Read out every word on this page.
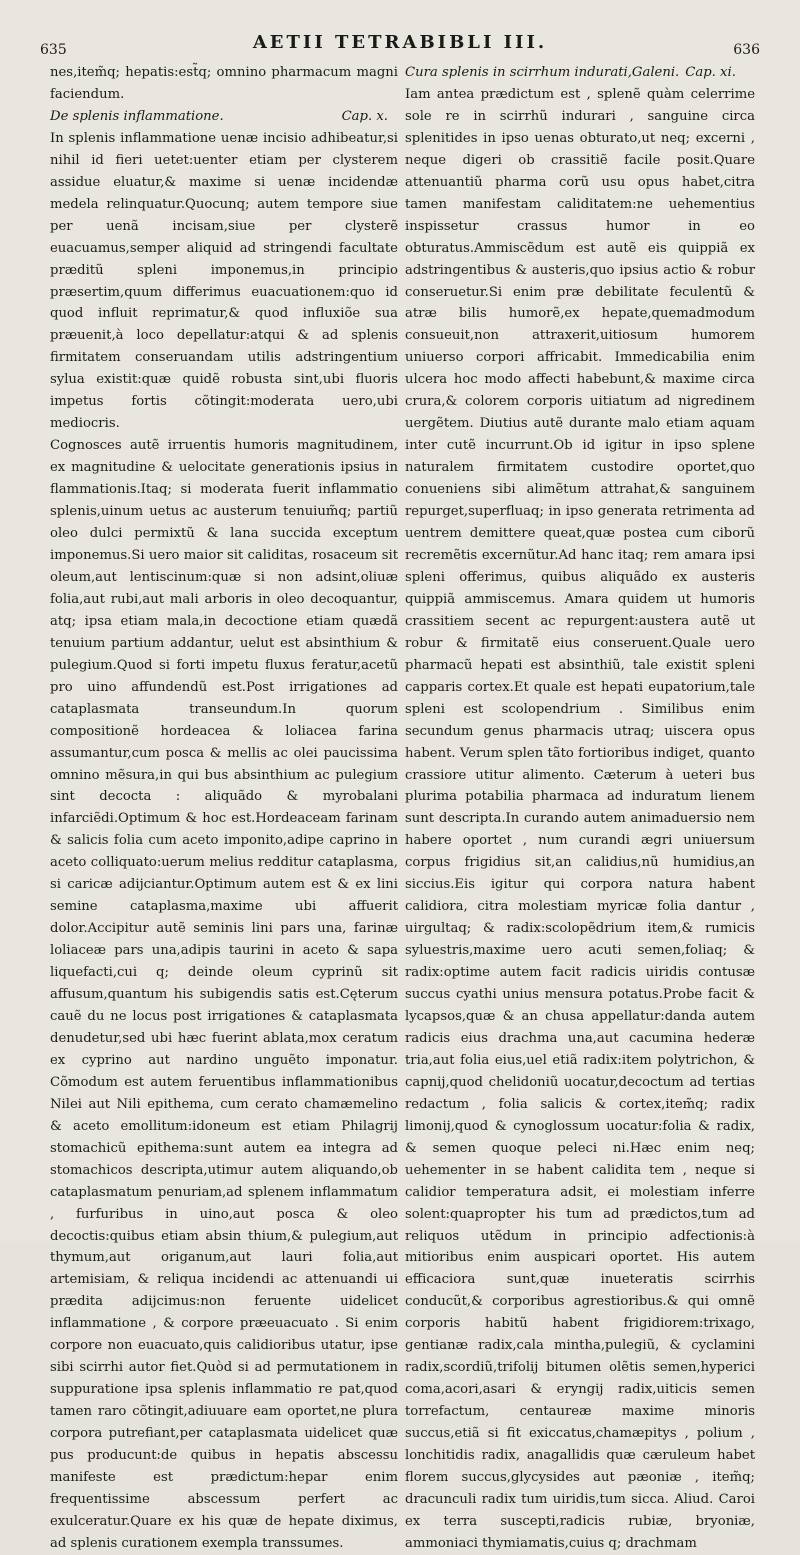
635	AETII TETRABIBLI III.	636

nes,item̃q; hepatis:est̃q; omnino pharmacum magni faciendum.

De splenis inflammatione.	Cap. x.

In splenis inflammatione uenæ incisio adhibeatur,si nihil id fieri uetet:uenter etiam per clysterem assidue eluatur,& maxime si uenæ incidendæ medela relinquatur.Quocunq; autem tempore siue per uenã incisam,siue per clysterẽ euacuamus,semper aliquid ad stringendi facultate præditũ spleni imponemus,in principio præsertim,quum differimus euacuationem:quo id quod influit reprimatur,& quod influxiõe sua præuenit,à loco depellatur:atqui & ad splenis firmitatem conseruandam utilis adstringentium sylua existit:quæ quidẽ robusta sint,ubi fluoris impetus fortis cõtingit:moderata uero,ubi mediocris.

Cognosces autẽ irruentis humoris magnitudinem, ex magnitudine & uelocitate generationis ipsius in flammationis.Itaq; si moderata fuerit inflammatio splenis,uinum uetus ac austerum tenuium̃q; partiũ oleo dulci permixtũ & lana succida exceptum imponemus.Si uero maior sit caliditas, rosaceum sit oleum,aut lentiscinum:quæ si non adsint,oliuæ folia,aut rubi,aut mali arboris in oleo decoquantur, atq; ipsa etiam mala,in decoctione etiam quædã tenuium partium addantur, uelut est absinthium & pulegium.Quod si forti impetu fluxus feratur,acetũ pro uino affundendũ est.Post irrigationes ad cataplasmata transeundum.In quorum compositionẽ hordeacea & loliacea farina assumantur,cum posca & mellis ac olei paucissima omnino mẽsura,in qui bus absinthium ac pulegium sint decocta : aliquãdo & myrobalani infarciẽdi.Optimum & hoc est.Hordeaceam farinam & salicis folia cum aceto imponito,adipe caprino in aceto colliquato:uerum melius redditur cataplasma, si caricæ adijciantur.Optimum autem est & ex lini semine cataplasma,maxime ubi affuerit dolor.Accipitur autẽ seminis lini pars una, farinæ loliaceæ pars una,adipis taurini in aceto & sapa liquefacti,cui q; deinde oleum cyprinũ sit affusum,quantum his subigendis satis est.Cęterum cauẽ du ne locus post irrigationes & cataplasmata denudetur,sed ubi hæc fuerint ablata,mox ceratum ex cyprino aut nardino unguẽto imponatur. Cõmodum est autem feruentibus inflammationibus Nilei aut Nili epithema, cum cerato chamæmelino & aceto emollitum:idoneum est etiam Philagrij stomachicũ epithema:sunt autem ea integra ad stomachicos descripta,utimur autem aliquando,ob cataplasmatum penuriam,ad splenem inflammatum , furfuribus in uino,aut posca & oleo decoctis:quibus etiam absin thium,& pulegium,aut thymum,aut origanum,aut lauri folia,aut artemisiam, & reliqua incidendi ac attenuandi ui prædita adijcimus:non feruente uidelicet inflammatione , & corpore præeuacuato . Si enim corpore non euacuato,quis calidioribus utatur, ipse sibi scirrhi autor fiet.Quòd si ad permutationem in suppuratione ipsa splenis inflammatio re pat,quod tamen raro cõtingit,adiuuare eam oportet,ne plura corpora putrefiant,per cataplasmata uidelicet quæ pus producunt:de quibus in hepatis abscessu manifeste est prædictum:hepar enim frequentissime abscessum perfert ac exulceratur.Quare ex his quæ de hepate diximus, ad splenis curationem exempla transsumes.

Cura splenis in scirrhum indurati,Galeni. Cap. xi.

Iam antea prædictum est , splenẽ quàm celerrime sole re in scirrhũ indurari , sanguine circa splenitides in ipso uenas obturato,ut neq; excerni , neque digeri ob crassitiẽ facile posit.Quare attenuantiũ pharma corũ usu opus habet,citra tamen manifestam caliditatem:ne uehementius inspissetur crassus humor in eo obturatus.Ammiscẽdum est autẽ eis quippiã ex adstringentibus & austeris,quo ipsius actio & robur conseruetur.Si enim præ debilitate feculentũ & atræ bilis humorẽ,ex hepate,quemadmodum consueuit,non attraxerit,uitiosum humorem uniuerso corpori affricabit. Immedicabilia enim ulcera hoc modo affecti habebunt,& maxime circa crura,& colorem corporis uitiatum ad nigredinem uergẽtem. Diutius autẽ durante malo etiam aquam inter cutẽ incurrunt.Ob id igitur in ipso splene naturalem firmitatem custodire oportet,quo conueniens sibi alimẽtum attrahat,& sanguinem repurget,superfluaq; in ipso generata retrimenta ad uentrem demittere queat,quæ postea cum ciborũ recremẽtis excernũtur.Ad hanc itaq; rem amara ipsi spleni offerimus, quibus aliquãdo ex austeris quippiã ammiscemus. Amara quidem ut humoris crassitiem secent ac repurgent:austera autẽ ut robur & firmitatẽ eius conseruent.Quale uero pharmacũ hepati est absinthiũ, tale existit spleni capparis cortex.Et quale est hepati eupatorium,tale spleni est scolopendrium . Similibus enim secundum genus pharmacis utraq; uiscera opus habent. Verum splen tãto fortioribus indiget, quanto crassiore utitur alimento. Cæterum à ueteri bus plurima potabilia pharmaca ad induratum lienem sunt descripta.In curando autem animaduersio nem habere oportet , num curandi ægri uniuersum corpus frigidius sit,an calidius,nũ humidius,an siccius.Eis igitur qui corpora natura habent calidiora, citra molestiam myricæ folia dantur , uirgultaq; & radix:scolopẽdrium item,& rumicis syluestris,maxime uero acuti semen,foliaq; & radix:optime autem facit radicis uiridis contusæ succus cyathi unius mensura potatus.Probe facit & lycapsos,quæ & an chusa appellatur:danda autem radicis eius drachma una,aut cacumina hederæ tria,aut folia eius,uel etiã radix:item polytrichon, & capnij,quod chelidoniũ uocatur,decoctum ad tertias redactum , folia salicis & cortex,item̃q; radix limonij,quod & cynoglossum uocatur:folia & radix, & semen quoque peleci ni.Hæc enim neq; uehementer in se habent calidita tem , neque si calidior temperatura adsit, ei molestiam inferre solent:quapropter his tum ad prædictos,tum ad reliquos utẽdum in principio adfectionis:à mitioribus enim auspicari oportet. His autem efficaciora sunt,quæ inueteratis scirrhis conducũt,& corporibus agrestioribus.& qui omnẽ corporis habitũ habent frigidiorem:trixago, gentianæ radix,cala mintha,pulegiũ, & cyclamini radix,scordiũ,trifolij bitumen olẽtis semen,hyperici coma,acori,asari & eryngij radix,uiticis semen torrefactum, centaureæ maxime minoris succus,etiã si fit exiccatus,chamæpitys , polium , lonchitidis radix, anagallidis quæ cæruleum habet florem succus,glycysides aut pæoniæ , item̃q; dracunculi radix tum uiridis,tum sicca. Aliud. Caroi ex terra suscepti,radicis rubiæ, bryoniæ, ammoniaci thymiamatis,cuius q; drachmam
